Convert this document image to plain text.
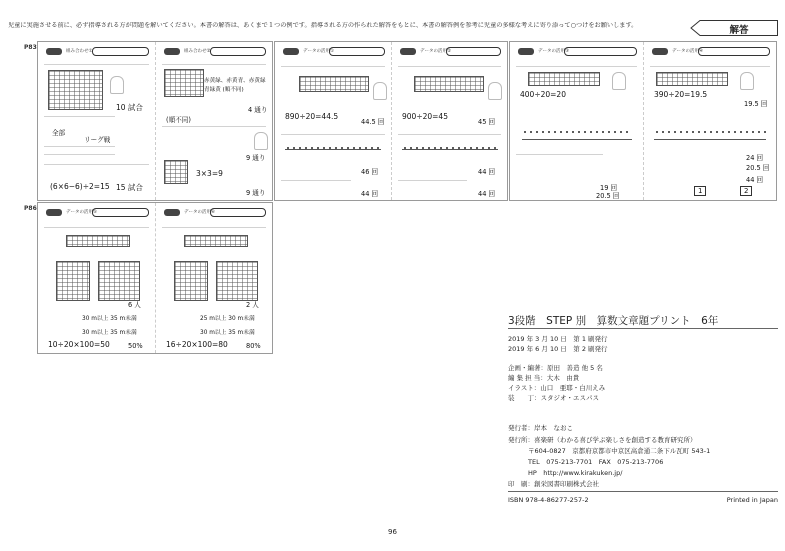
児童に実施させる前に、必ず指導される方が問題を解いてください。本書の解答は、あくまで１つの例です。指導される方の作られた解答をもとに、本書の解答例を参考に児童の多様な考えに寄り添って○つけをお願いします。	解答
P83
P86
組み合わせ①
10 試合
全部
リーグ戦
(6×6−6)÷2=15 15 試合
組み合わせ②
赤黄緑、赤黄青、赤黄緑
青緑黄 (順不同)
4 通り
(順不同)
9 通り
3×3=9
9 通り
データの活用①
890÷20=44.5
44.5 回
46 回
44 回
データの活用②
900÷20=45
45 回
44 回
44 回
データの活用③
400÷20=20
19 回
20.5 回
データの活用④
390÷20=19.5
19.5 回
24 回
20.5 回
44 回
1	2
データの活用⑤
6 人
30 m以上 35 m未満
30 m以上 35 m未満
10÷20×100=50	50%
データの活用⑥
2 人
25 m以上 30 m未満
30 m以上 35 m未満
16÷20×100=80	80%
3段階　STEP 別　算数文章題プリント　6年
2019 年 3 月 10 日　第 1 刷発行
2019 年 6 月 10 日　第 2 刷発行
企画・編著：原田　善造 他 5 名
編 集 担 当：大木　由貴
イラスト：山口　亜耶・白川えみ
装　　丁：スタジオ・エスパス
発行者：岸本　なおこ
発行所：喜楽研（わかる喜び学ぶ楽しさを創造する教育研究所）
〒604-0827　京都府京都市中京区高倉通二条下ル瓦町 543-1
TEL　075-213-7701　FAX　075-213-7706
HP　http://www.kirakuken.jp/
印　刷：創栄図書印刷株式会社
ISBN 978-4-86277-257-2	Printed in Japan
96
